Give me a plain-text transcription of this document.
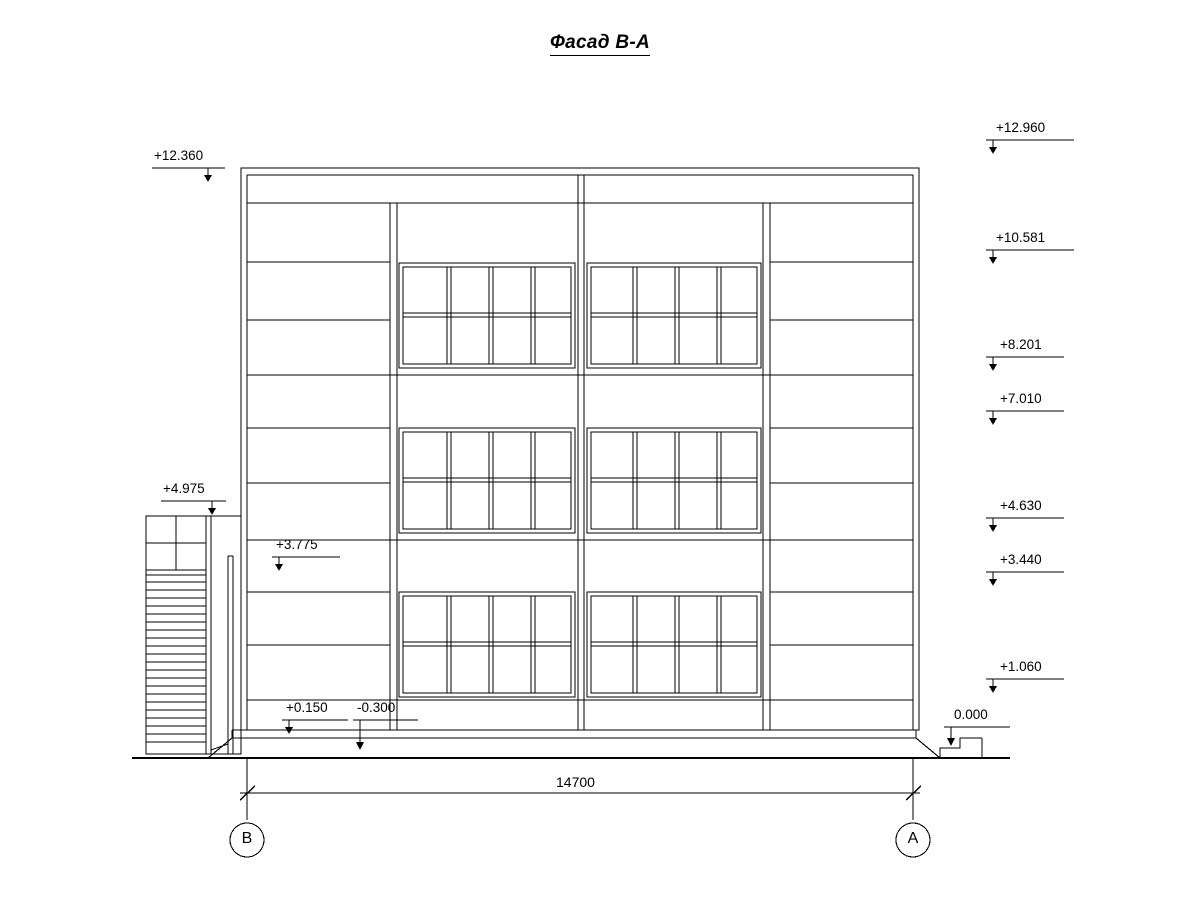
Фасад В-А
+12.960
+10.581
+8.201
+7.010
+4.630
+3.440
+1.060
0.000
+12.360
+4.975
+3.775
+0.150 -0.300
14700
В	А
